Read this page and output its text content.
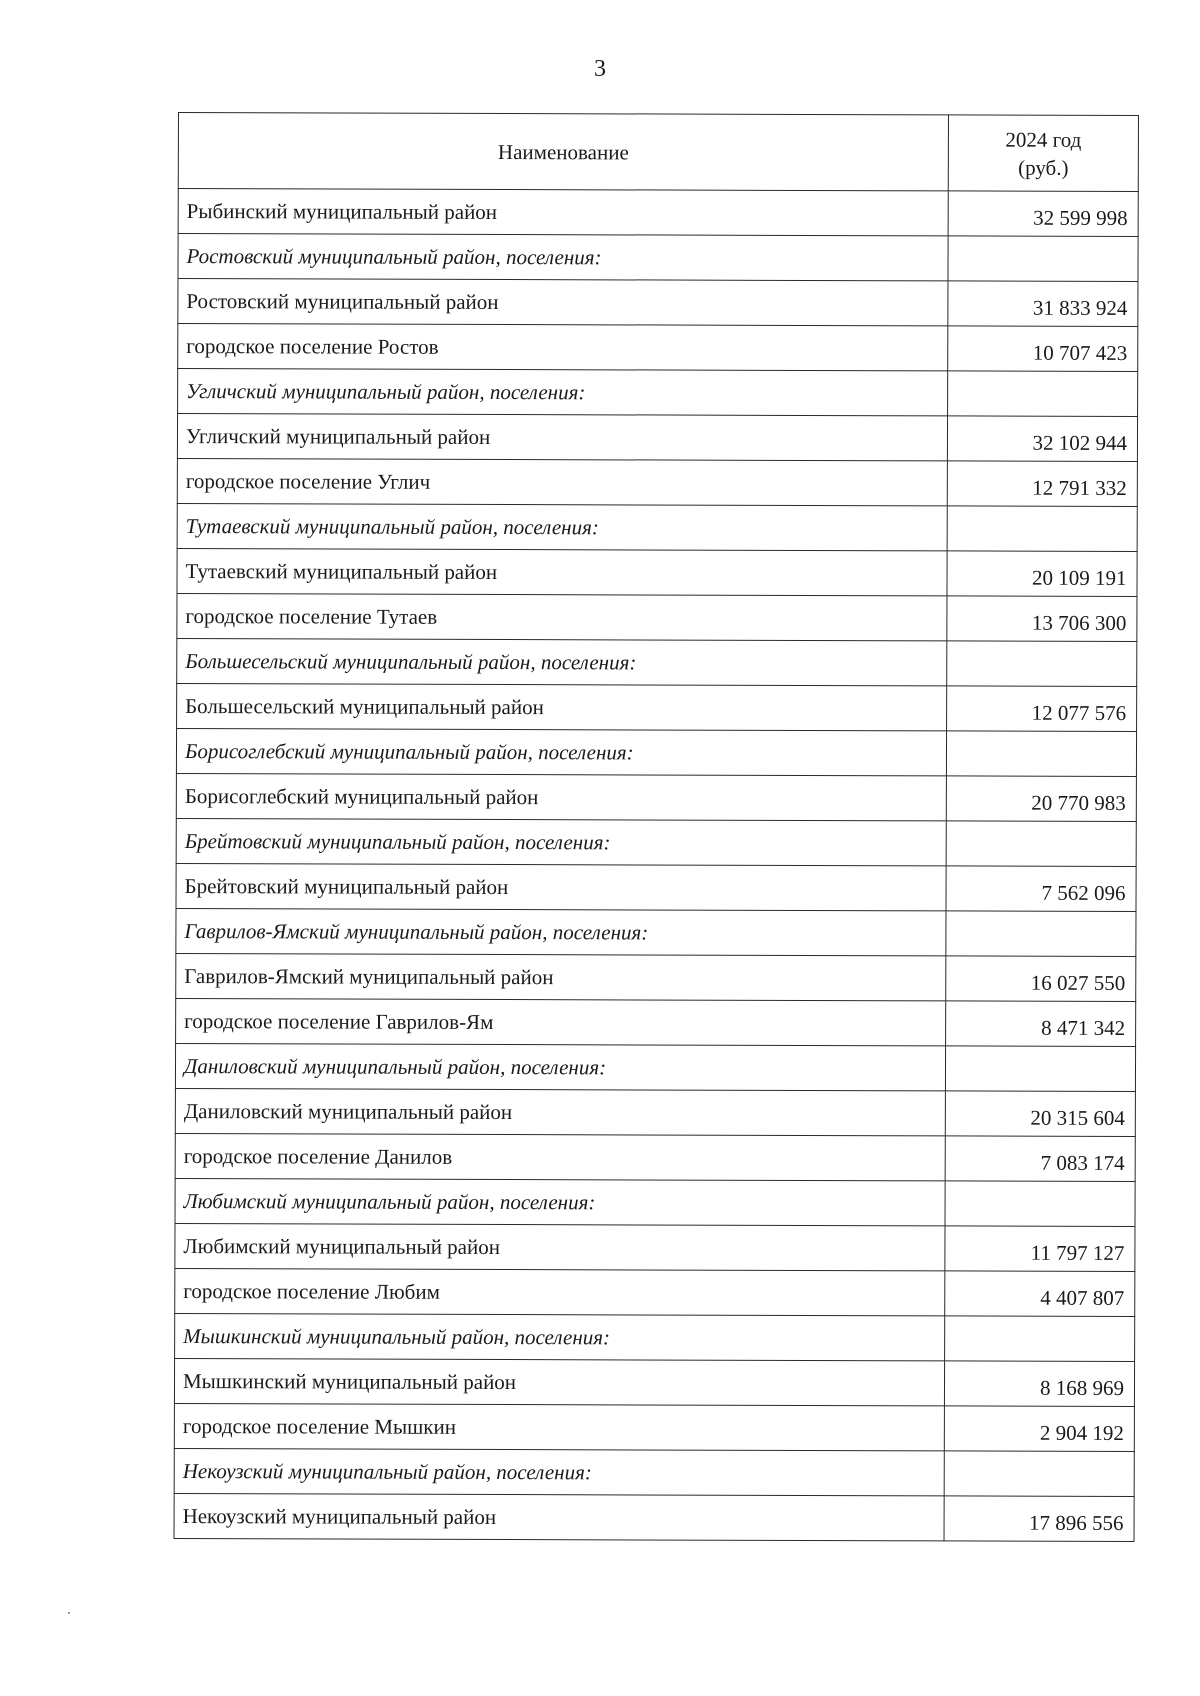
3
Наименование	2024 год
(руб.)
Рыбинский муниципальный район	32 599 998
Ростовский муниципальный район, поселения:	
Ростовский муниципальный район	31 833 924
городское поселение Ростов	10 707 423
Угличский муниципальный район, поселения:	
Угличский муниципальный район	32 102 944
городское поселение Углич	12 791 332
Тутаевский муниципальный район, поселения:	
Тутаевский муниципальный район	20 109 191
городское поселение Тутаев	13 706 300
Большесельский муниципальный район, поселения:	
Большесельский муниципальный район	12 077 576
Борисоглебский муниципальный район, поселения:	
Борисоглебский муниципальный район	20 770 983
Брейтовский муниципальный район, поселения:	
Брейтовский муниципальный район	7 562 096
Гаврилов-Ямский муниципальный район, поселения:	
Гаврилов-Ямский муниципальный район	16 027 550
городское поселение Гаврилов-Ям	8 471 342
Даниловский муниципальный район, поселения:	
Даниловский муниципальный район	20 315 604
городское поселение Данилов	7 083 174
Любимский муниципальный район, поселения:	
Любимский муниципальный район	11 797 127
городское поселение Любим	4 407 807
Мышкинский муниципальный район, поселения:	
Мышкинский муниципальный район	8 168 969
городское поселение Мышкин	2 904 192
Некоузский муниципальный район, поселения:	
Некоузский муниципальный район	17 896 556
